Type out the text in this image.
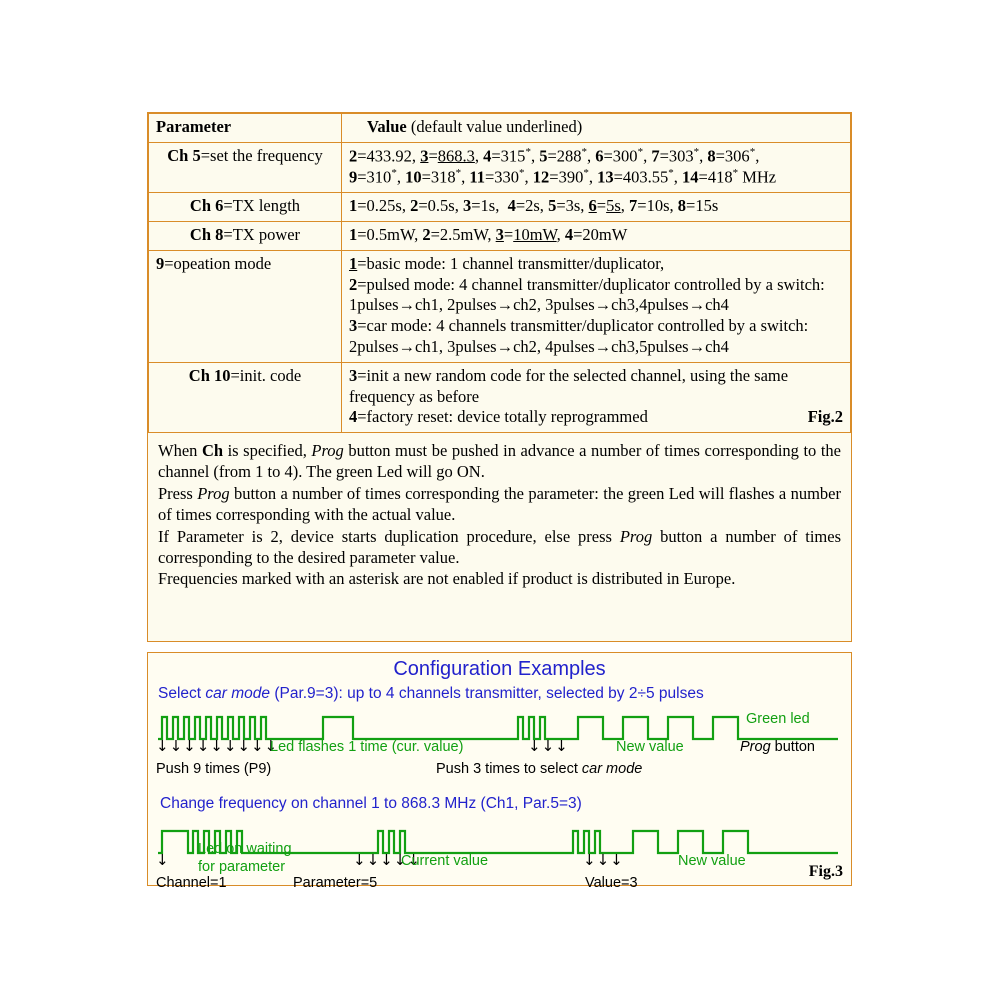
Parameter	Value (default value underlined)
Ch 5=set the frequency	2=433.92, 3=868.3, 4=315*, 5=288*, 6=300*, 7=303*, 8=306*,
9=310*, 10=318*, 11=330*, 12=390*, 13=403.55*, 14=418* MHz
Ch 6=TX length	1=0.25s, 2=0.5s, 3=1s,  4=2s, 5=3s, 6=5s, 7=10s, 8=15s
Ch 8=TX power	1=0.5mW, 2=2.5mW, 3=10mW, 4=20mW
9=opeation mode	1=basic mode: 1 channel transmitter/duplicator,
2=pulsed mode: 4 channel transmitter/duplicator controlled by a switch: 1pulses→ch1, 2pulses→ch2, 3pulses→ch3,4pulses→ch4
3=car mode: 4 channels transmitter/duplicator controlled by a switch: 2pulses→ch1, 3pulses→ch2, 4pulses→ch3,5pulses→ch4
Ch 10=init. code	3=init a new random code for the selected channel, using the same frequency as before
4=factory reset: device totally reprogrammed Fig.2

When Ch is specified, Prog button must be pushed in advance a number of times corresponding to the channel (from 1 to 4). The green Led will go ON.

Press Prog button a number of times corresponding the parameter: the green Led will flashes a number of times corresponding with the actual value.

If Parameter is 2, device starts duplication procedure, else press Prog button a number of times corresponding to the desired parameter value.

Frequencies marked with an asterisk are not enabled if product is distributed in Europe.

Configuration Examples
Select car mode (Par.9=3): up to 4 channels transmitter, selected by 2÷5 pulses
Green led
↓↓↓↓↓↓↓↓↓
Led flashes 1 time (cur. value)	↓↓↓	New value	Prog button
Push 9 times (P9)	Push 3 times to select car mode
Change frequency on channel 1 to 868.3 MHz (Ch1, Par.5=3)
↓
Led on waiting
for parameter	↓↓↓↓↓
Current value	↓↓↓	New value
Channel=1	Parameter=5	Value=3
Fig.3
